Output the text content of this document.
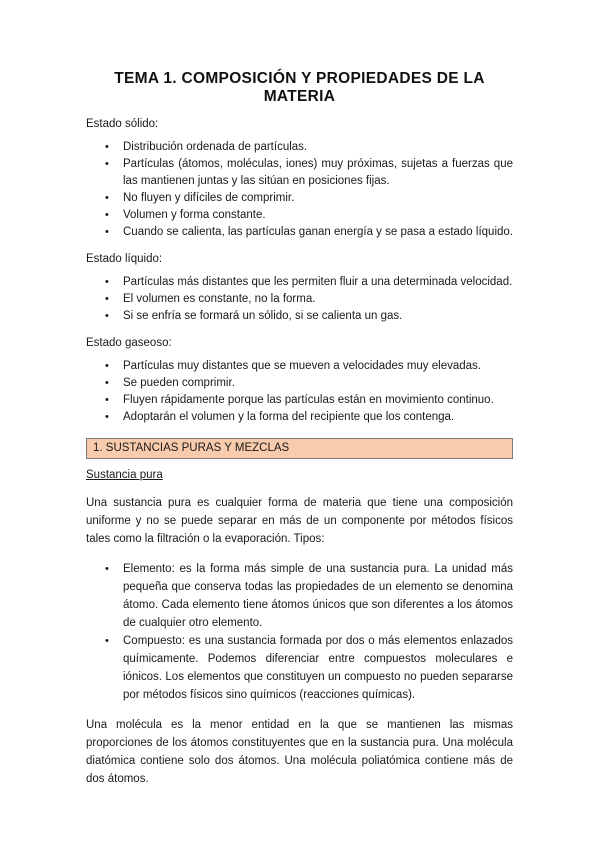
TEMA 1. COMPOSICIÓN Y PROPIEDADES DE LA MATERIA
Estado sólido:
• Distribución ordenada de partículas.
• Partículas (átomos, moléculas, iones) muy próximas, sujetas a fuerzas que las mantienen juntas y las sitúan en posiciones fijas.
• No fluyen y difíciles de comprimir.
• Volumen y forma constante.
• Cuando se calienta, las partículas ganan energía y se pasa a estado líquido.
Estado líquido:
• Partículas más distantes que les permiten fluir a una determinada velocidad.
• El volumen es constante, no la forma.
• Si se enfría se formará un sólido, si se calienta un gas.
Estado gaseoso:
• Partículas muy distantes que se mueven a velocidades muy elevadas.
• Se pueden comprimir.
• Fluyen rápidamente porque las partículas están en movimiento continuo.
• Adoptarán el volumen y la forma del recipiente que los contenga.
1. SUSTANCIAS PURAS Y MEZCLAS
Sustancia pura

Una sustancia pura es cualquier forma de materia que tiene una composición uniforme y no se puede separar en más de un componente por métodos físicos tales como la filtración o la evaporación. Tipos:

• Elemento: es la forma más simple de una sustancia pura. La unidad más pequeña que conserva todas las propiedades de un elemento se denomina átomo. Cada elemento tiene átomos únicos que son diferentes a los átomos de cualquier otro elemento.
• Compuesto: es una sustancia formada por dos o más elementos enlazados químicamente. Podemos diferenciar entre compuestos moleculares e iónicos. Los elementos que constituyen un compuesto no pueden separarse por métodos físicos sino químicos (reacciones químicas).

Una molécula es la menor entidad en la que se mantienen las mismas proporciones de los átomos constituyentes que en la sustancia pura. Una molécula diatómica contiene solo dos átomos. Una molécula poliatómica contiene más de dos átomos.
